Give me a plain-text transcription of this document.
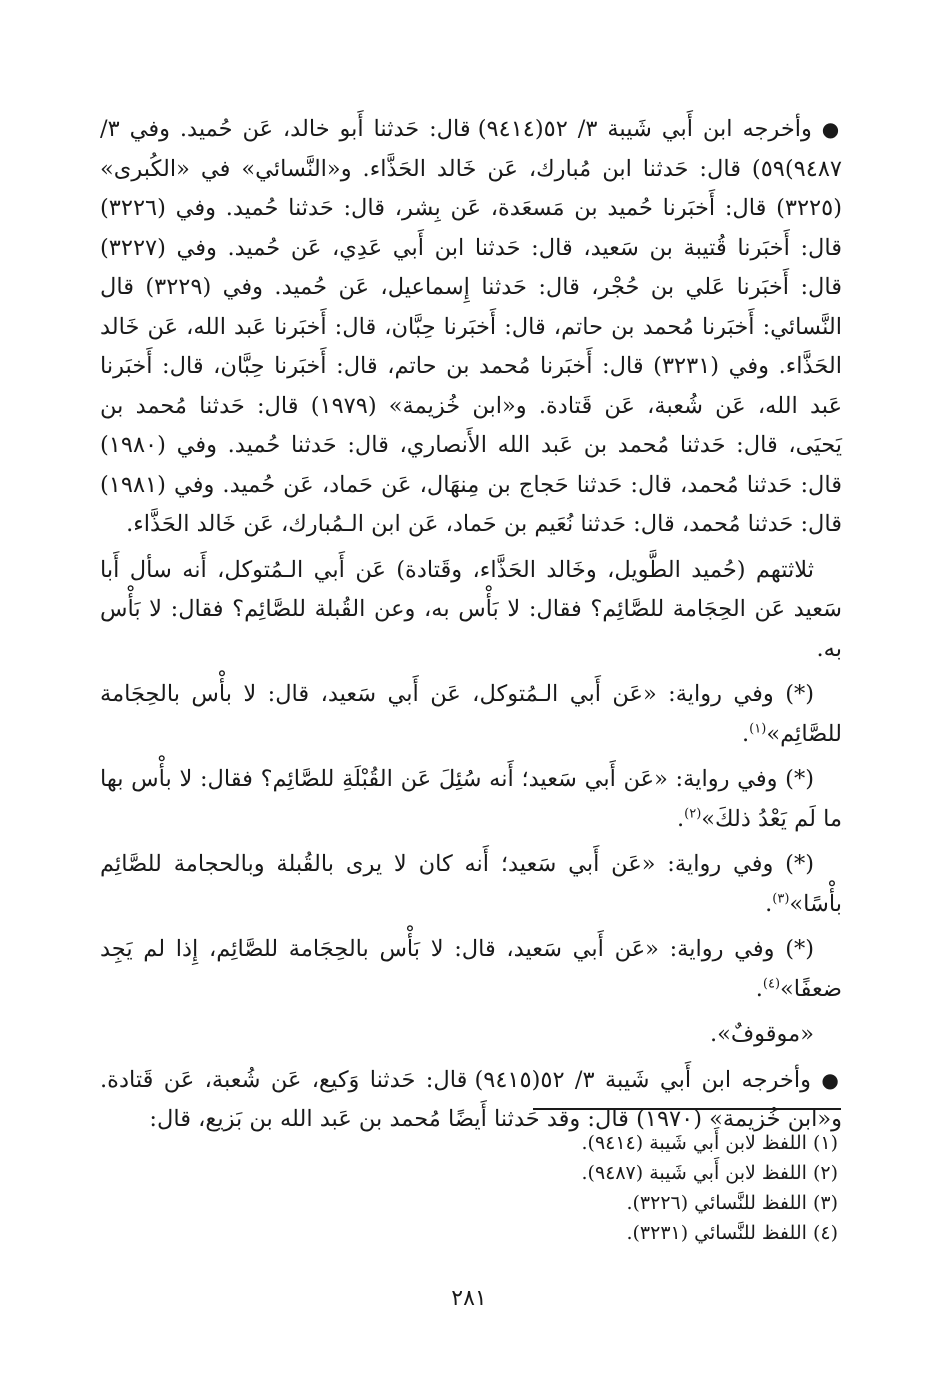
● وأخرجه ابن أَبي شَيبة ٣/ ٥٢(٩٤١٤) قال: حَدثنا أَبو خالد، عَن حُميد. وفي ٣/ ٩٤٨٧)٥٩) قال: حَدثنا ابن مُبارك، عَن خَالد الحَذَّاء. و«النَّسائي» في «الكُبرى» (٣٢٢٥) قال: أَخبَرنا حُميد بن مَسعَدة، عَن بِشر، قال: حَدثنا حُميد. وفي (٣٢٢٦) قال: أَخبَرنا قُتيبة بن سَعيد، قال: حَدثنا ابن أَبي عَدِي، عَن حُميد. وفي (٣٢٢٧) قال: أَخبَرنا عَلي بن حُجْر، قال: حَدثنا إِسماعيل، عَن حُميد. وفي (٣٢٢٩) قال النَّسائي: أَخبَرنا مُحمد بن حاتم، قال: أَخبَرنا حِبَّان، قال: أَخبَرنا عَبد الله، عَن خَالد الحَذَّاء. وفي (٣٢٣١) قال: أَخبَرنا مُحمد بن حاتم، قال: أَخبَرنا حِبَّان، قال: أَخبَرنا عَبد الله، عَن شُعبة، عَن قَتادة. و«ابن خُزيمة» (١٩٧٩) قال: حَدثنا مُحمد بن يَحيَى، قال: حَدثنا مُحمد بن عَبد الله الأَنصاري، قال: حَدثنا حُميد. وفي (١٩٨٠) قال: حَدثنا مُحمد، قال: حَدثنا حَجاج بن مِنهَال، عَن حَماد، عَن حُميد. وفي (١٩٨١) قال: حَدثنا مُحمد، قال: حَدثنا نُعَيم بن حَماد، عَن ابن الـمُبارك، عَن خَالد الحَذَّاء.

ثلاثتهم (حُميد الطَّويل، وخَالد الحَذَّاء، وقَتادة) عَن أَبي الـمُتوكل، أَنه سأل أَبا سَعيد عَن الحِجَامة للصَّائِم؟ فقال: لا بَأْس به، وعن القُبلة للصَّائِم؟ فقال: لا بَأْس به.

(*) وفي رواية: «عَن أَبي الـمُتوكل، عَن أَبي سَعيد، قال: لا بأْس بالحِجَامة للصَّائِم»$^{(١)}$.

(*) وفي رواية: «عَن أَبي سَعيد؛ أَنه سُئِلَ عَن القُبْلَةِ للصَّائِم؟ فقال: لا بأْس بها ما لَم يَعْدُ ذلكَ»$^{(٢)}$.

(*) وفي رواية: «عَن أَبي سَعيد؛ أَنه كان لا يرى بالقُبلة وبالحجامة للصَّائِم بأْسًا»$^{(٣)}$.

(*) وفي رواية: «عَن أَبي سَعيد، قال: لا بَأْس بالحِجَامة للصَّائِم، إِذا لم يَجِد ضعفًا»$^{(٤)}$.

«موقوفٌ».

● وأخرجه ابن أَبي شَيبة ٣/ ٥٢(٩٤١٥) قال: حَدثنا وَكيع، عَن شُعبة، عَن قَتادة. و«ابن خُزيمة» (١٩٧٠) قال: وقد حَدثنا أَيضًا مُحمد بن عَبد الله بن بَزيع، قال:

(١) اللفظ لابن أَبي شَيبة (٩٤١٤).
(٢) اللفظ لابن أَبي شَيبة (٩٤٨٧).
(٣) اللفظ للنَّسائي (٣٢٢٦).
(٤) اللفظ للنَّسائي (٣٢٣١).
٢٨١
